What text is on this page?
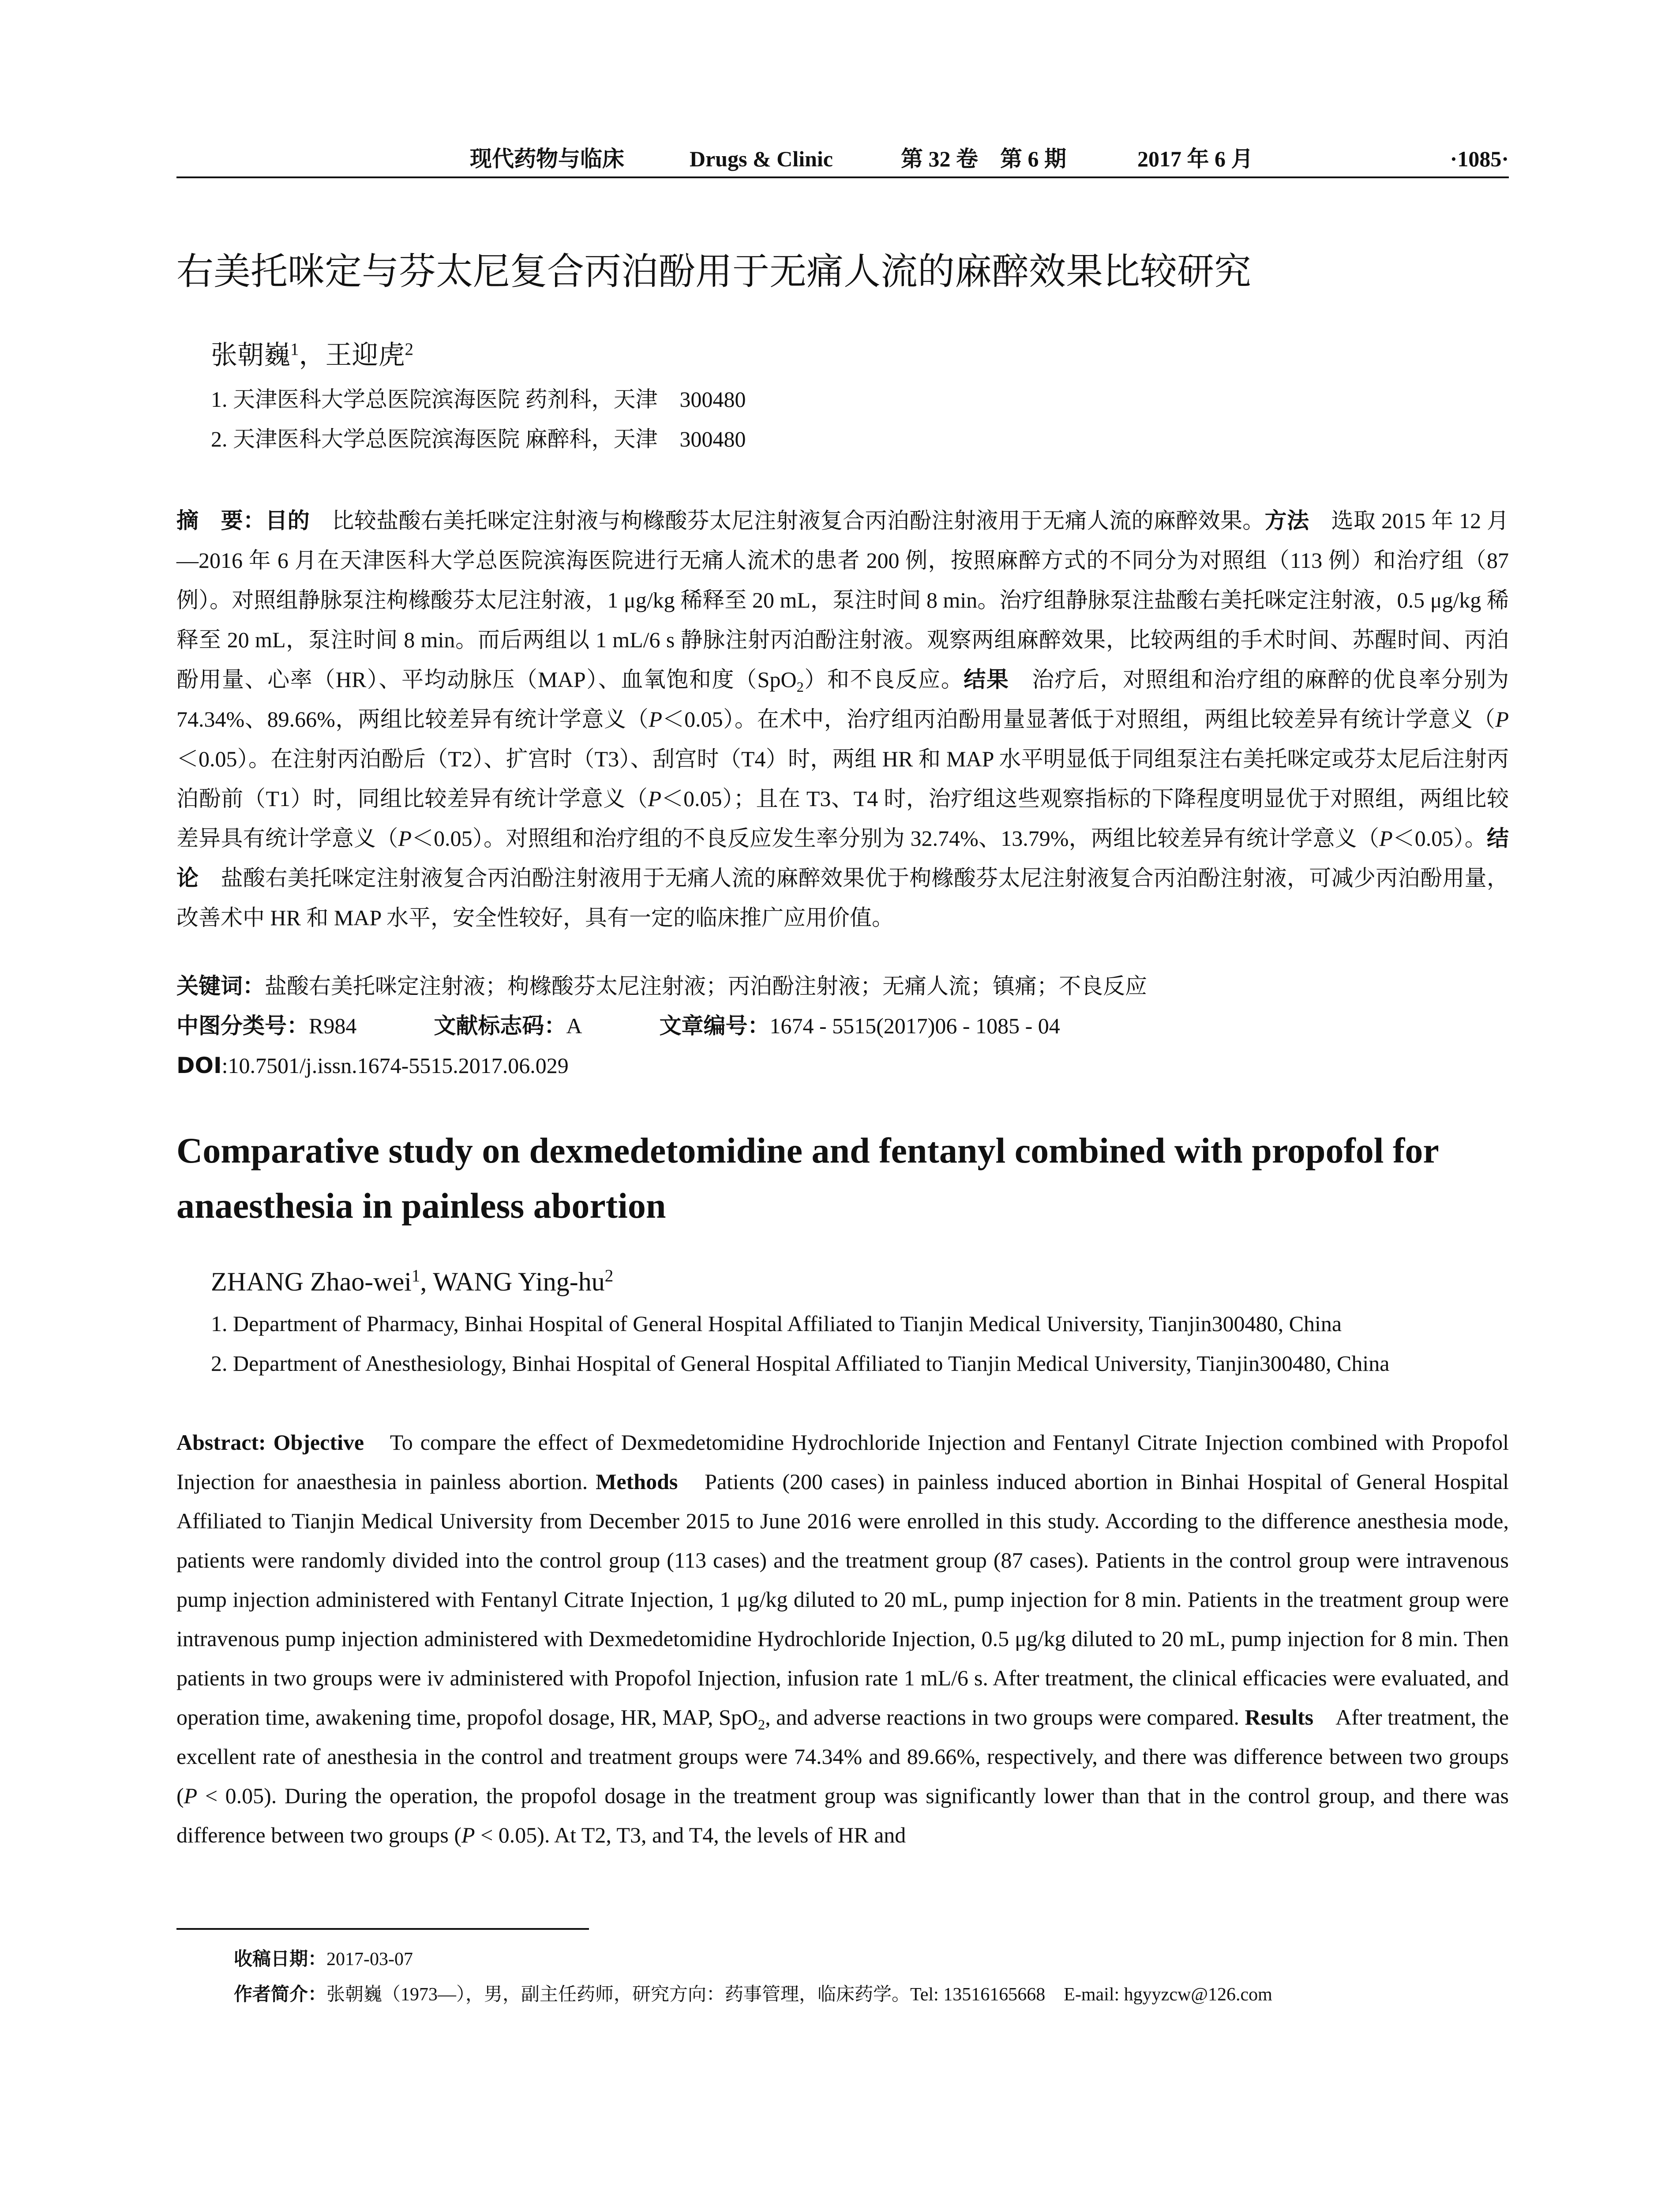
现代药物与临床	Drugs & Clinic	第 32 卷　第 6 期	2017 年 6 月	·1085·
右美托咪定与芬太尼复合丙泊酚用于无痛人流的麻醉效果比较研究
张朝巍$^1$，王迎虎$^2$
1. 天津医科大学总医院滨海医院 药剂科，天津　300480
2. 天津医科大学总医院滨海医院 麻醉科，天津　300480
摘　要：目的　比较盐酸右美托咪定注射液与枸橼酸芬太尼注射液复合丙泊酚注射液用于无痛人流的麻醉效果。方法　选取 2015 年 12 月—2016 年 6 月在天津医科大学总医院滨海医院进行无痛人流术的患者 200 例，按照麻醉方式的不同分为对照组（113 例）和治疗组（87 例）。对照组静脉泵注枸橼酸芬太尼注射液，1 μg/kg 稀释至 20 mL，泵注时间 8 min。治疗组静脉泵注盐酸右美托咪定注射液，0.5 μg/kg 稀释至 20 mL，泵注时间 8 min。而后两组以 1 mL/6 s 静脉注射丙泊酚注射液。观察两组麻醉效果，比较两组的手术时间、苏醒时间、丙泊酚用量、心率（HR）、平均动脉压（MAP）、血氧饱和度（SpO$_2$）和不良反应。结果　治疗后，对照组和治疗组的麻醉的优良率分别为 74.34%、89.66%，两组比较差异有统计学意义（P＜0.05）。在术中，治疗组丙泊酚用量显著低于对照组，两组比较差异有统计学意义（P＜0.05）。在注射丙泊酚后（T2）、扩宫时（T3）、刮宫时（T4）时，两组 HR 和 MAP 水平明显低于同组泵注右美托咪定或芬太尼后注射丙泊酚前（T1）时，同组比较差异有统计学意义（P＜0.05）；且在 T3、T4 时，治疗组这些观察指标的下降程度明显优于对照组，两组比较差异具有统计学意义（P＜0.05）。对照组和治疗组的不良反应发生率分别为 32.74%、13.79%，两组比较差异有统计学意义（P＜0.05）。结论　盐酸右美托咪定注射液复合丙泊酚注射液用于无痛人流的麻醉效果优于枸橼酸芬太尼注射液复合丙泊酚注射液，可减少丙泊酚用量，改善术中 HR 和 MAP 水平，安全性较好，具有一定的临床推广应用价值。
关键词：盐酸右美托咪定注射液；枸橼酸芬太尼注射液；丙泊酚注射液；无痛人流；镇痛；不良反应
中图分类号：R984	文献标志码：A	文章编号：1674 - 5515(2017)06 - 1085 - 04
DOI:10.7501/j.issn.1674-5515.2017.06.029
Comparative study on dexmedetomidine and fentanyl combined with propofol for anaesthesia in painless abortion
ZHANG Zhao-wei$^1$, WANG Ying-$hu^2$
1. Department of Pharmacy, Binhai Hospital of General Hospital Affiliated to Tianjin Medical University, Tianjin300480, China
2. Department of Anesthesiology, Binhai Hospital of General Hospital Affiliated to Tianjin Medical University, Tianjin300480, China
Abstract: Objective　To compare the effect of Dexmedetomidine Hydrochloride Injection and Fentanyl Citrate Injection combined with Propofol Injection for anaesthesia in painless abortion. Methods　Patients (200 cases) in painless induced abortion in Binhai Hospital of General Hospital Affiliated to Tianjin Medical University from December 2015 to June 2016 were enrolled in this study. According to the difference anesthesia mode, patients were randomly divided into the control group (113 cases) and the treatment group (87 cases). Patients in the control group were intravenous pump injection administered with Fentanyl Citrate Injection, 1 μg/kg diluted to 20 mL, pump injection for 8 min. Patients in the treatment group were intravenous pump injection administered with Dexmedetomidine Hydrochloride Injection, 0.5 μg/kg diluted to 20 mL, pump injection for 8 min. Then patients in two groups were iv administered with Propofol Injection, infusion rate 1 mL/6 s. After treatment, the clinical efficacies were evaluated, and operation time, awakening time, propofol dosage, HR, MAP, SpO$_2$, and adverse reactions in two groups were compared. Results　After treatment, the excellent rate of anesthesia in the control and treatment groups were 74.34% and 89.66%, respectively, and there was difference between two groups (P < 0.05). During the operation, the propofol dosage in the treatment group was significantly lower than that in the control group, and there was difference between two groups (P < 0.05). At T2, T3, and T4, the levels of HR and
收稿日期：2017-03-07
作者简介：张朝巍（1973—），男，副主任药师，研究方向：药事管理，临床药学。Tel: 13516165668　E-mail: hgyyzcw@126.com
